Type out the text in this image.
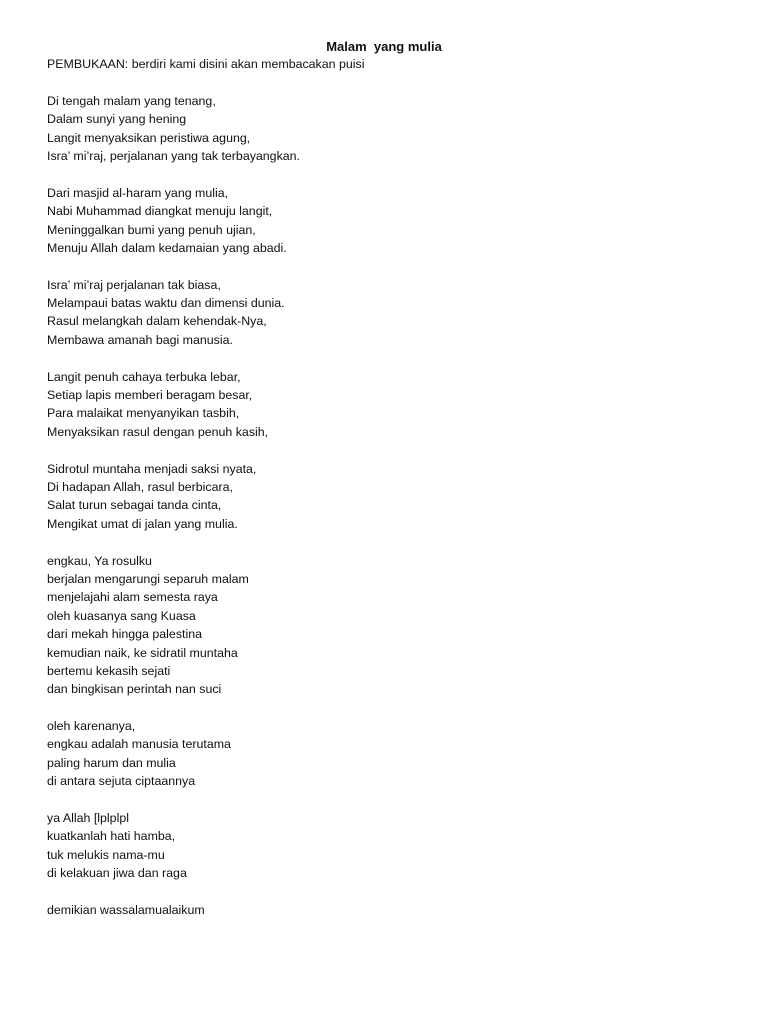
Malam  yang mulia
PEMBUKAAN: berdiri kami disini akan membacakan puisi
Di tengah malam yang tenang,
Dalam sunyi yang hening
Langit menyaksikan peristiwa agung,
Isra’ mi’raj, perjalanan yang tak terbayangkan.
Dari masjid al-haram yang mulia,
Nabi Muhammad diangkat menuju langit,
Meninggalkan bumi yang penuh ujian,
Menuju Allah dalam kedamaian yang abadi.
Isra’ mi’raj perjalanan tak biasa,
Melampaui batas waktu dan dimensi dunia.
Rasul melangkah dalam kehendak-Nya,
Membawa amanah bagi manusia.
Langit penuh cahaya terbuka lebar,
Setiap lapis memberi beragam besar,
Para malaikat menyanyikan tasbih,
Menyaksikan rasul dengan penuh kasih,
Sidrotul muntaha menjadi saksi nyata,
Di hadapan Allah, rasul berbicara,
Salat turun sebagai tanda cinta,
Mengikat umat di jalan yang mulia.
engkau, Ya rosulku
berjalan mengarungi separuh malam
menjelajahi alam semesta raya
oleh kuasanya sang Kuasa
dari mekah hingga palestina
kemudian naik, ke sidratil muntaha
bertemu kekasih sejati
dan bingkisan perintah nan suci
oleh karenanya,
engkau adalah manusia terutama
paling harum dan mulia
di antara sejuta ciptaannya
ya Allah [lplplpl
kuatkanlah hati hamba,
tuk melukis nama-mu
di kelakuan jiwa dan raga
demikian wassalamualaikum
